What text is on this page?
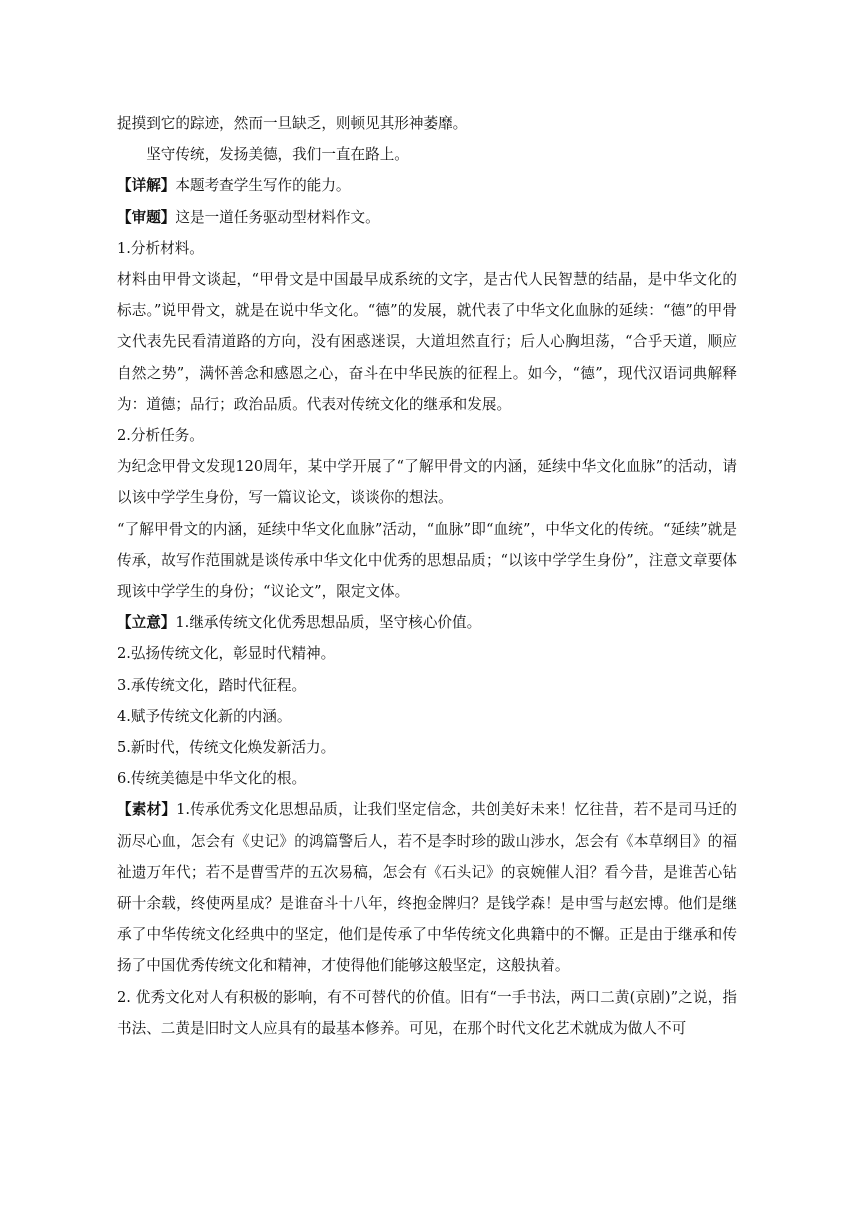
捉摸到它的踪迹，然而一旦缺乏，则顿见其形神萎靡。

坚守传统，发扬美德，我们一直在路上。

【详解】本题考查学生写作的能力。

【审题】这是一道任务驱动型材料作文。

1.分析材料。

材料由甲骨文谈起，“甲骨文是中国最早成系统的文字，是古代人民智慧的结晶，是中华文化的标志。”说甲骨文，就是在说中华文化。“德”的发展，就代表了中华文化血脉的延续：“德”的甲骨文代表先民看清道路的方向，没有困惑迷误，大道坦然直行；后人心胸坦荡，“合乎天道，顺应自然之势”，满怀善念和感恩之心，奋斗在中华民族的征程上。如今，“德”，现代汉语词典解释为：道德；品行；政治品质。代表对传统文化的继承和发展。

2.分析任务。

为纪念甲骨文发现120周年，某中学开展了“了解甲骨文的内涵，延续中华文化血脉”的活动，请以该中学学生身份，写一篇议论文，谈谈你的想法。

“了解甲骨文的内涵，延续中华文化血脉”活动，“血脉”即“血统”，中华文化的传统。“延续”就是传承，故写作范围就是谈传承中华文化中优秀的思想品质；“以该中学学生身份”，注意文章要体现该中学学生的身份；“议论文”，限定文体。

【立意】1.继承传统文化优秀思想品质，坚守核心价值。

2.弘扬传统文化，彰显时代精神。

3.承传统文化，踏时代征程。

4.赋予传统文化新的内涵。

5.新时代，传统文化焕发新活力。

6.传统美德是中华文化的根。

【素材】1.传承优秀文化思想品质，让我们坚定信念，共创美好未来！忆往昔，若不是司马迁的沥尽心血，怎会有《史记》的鸿篇警后人，若不是李时珍的跋山涉水，怎会有《本草纲目》的福祉遗万年代；若不是曹雪芹的五次易稿，怎会有《石头记》的哀婉催人泪？看今昔，是谁苦心钻研十余载，终使两星成？是谁奋斗十八年，终抱金牌归？是钱学森！是申雪与赵宏博。他们是继承了中华传统文化经典中的坚定，他们是传承了中华传统文化典籍中的不懈。正是由于继承和传扬了中国优秀传统文化和精神，才使得他们能够这般坚定，这般执着。

2. 优秀文化对人有积极的影响，有不可替代的价值。旧有“一手书法，两口二黄(京剧)”之说，指书法、二黄是旧时文人应具有的最基本修养。可见，在那个时代文化艺术就成为做人不可
